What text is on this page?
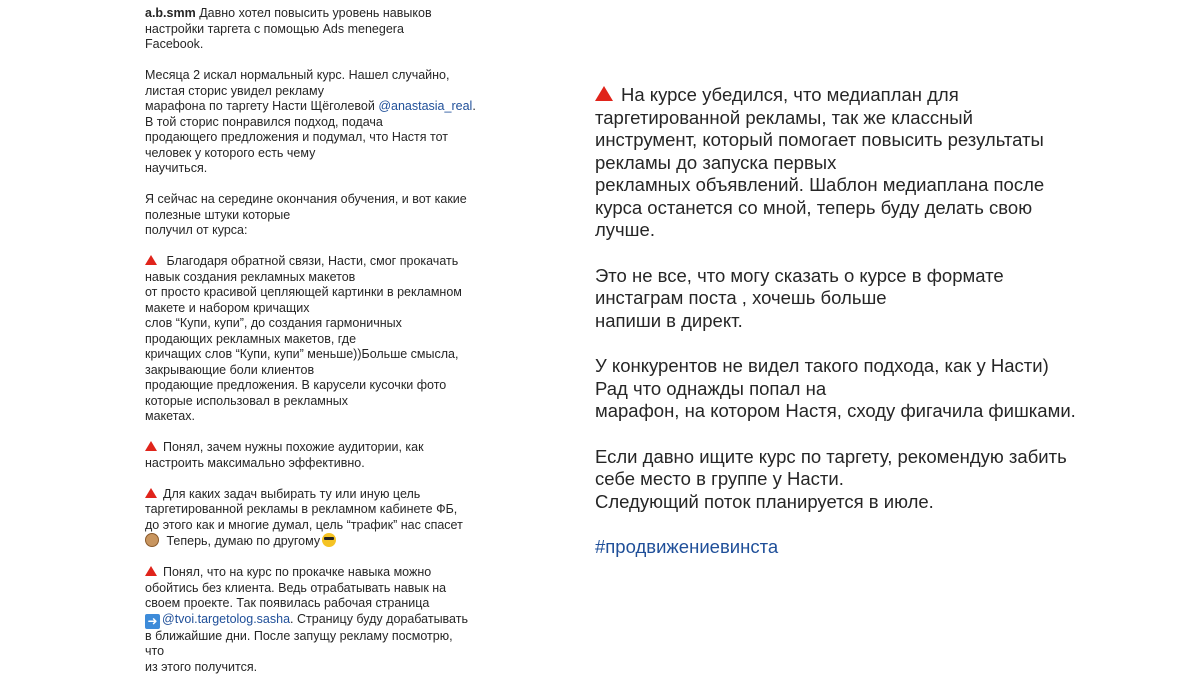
a.b.smm Давно хотел повысить уровень навыков
настройки таргета с помощью Ads menegera
Facebook.
Месяца 2 искал нормальный курс. Нашел случайно,
листая сторис увидел рекламу
марафона по таргету Насти Щёголевой @anastasia_real.
В той сторис понравился подход, подача
продающего предложения и подумал, что Настя тот
человек у которого есть чему
научиться.
Я сейчас на середине окончания обучения, и вот какие
полезные штуки которые
получил от курса:
Благодаря обратной связи, Насти, смог прокачать
навык создания рекламных макетов
от просто красивой цепляющей картинки в рекламном
макете и набором кричащих
слов “Купи, купи”, до создания гармоничных
продающих рекламных макетов, где
кричащих слов “Купи, купи” меньше))Больше смысла,
закрывающие боли клиентов
продающие предложения. В карусели кусочки фото
которые использовал в рекламных
макетах.
Понял, зачем нужны похожие аудитории, как
настроить максимально эффективно.
Для каких задач выбирать ту или иную цель
таргетированной рекламы в рекламном кабинете ФБ,
до этого как и многие думал, цель “трафик” нас спасет
Теперь, думаю по другому
Понял, что на курс по прокачке навыка можно
обойтись без клиента. Ведь отрабатывать навык на
своем проекте. Так появилась рабочая страница
➜ @tvoi.targetolog.sasha. Страницу буду дорабатывать
в ближайшие дни. После запущу рекламу посмотрю,
что
из этого получится.
На курсе убедился, что медиаплан для
таргетированной рекламы, так же классный
инструмент, который помогает повысить результаты
рекламы до запуска первых
рекламных объявлений. Шаблон медиаплана после
курса останется со мной, теперь буду делать свою
лучше.
Это не все, что могу сказать о курсе в формате
инстаграм поста , хочешь больше
напиши в директ.
У конкурентов не видел такого подхода, как у Насти)
Рад что однажды попал на
марафон, на котором Настя, сходу фигачила фишками.
Если давно ищите курс по таргету, рекомендую забить
себе место в группе у Насти.
Следующий поток планируется в июле.
#продвижениевинста
